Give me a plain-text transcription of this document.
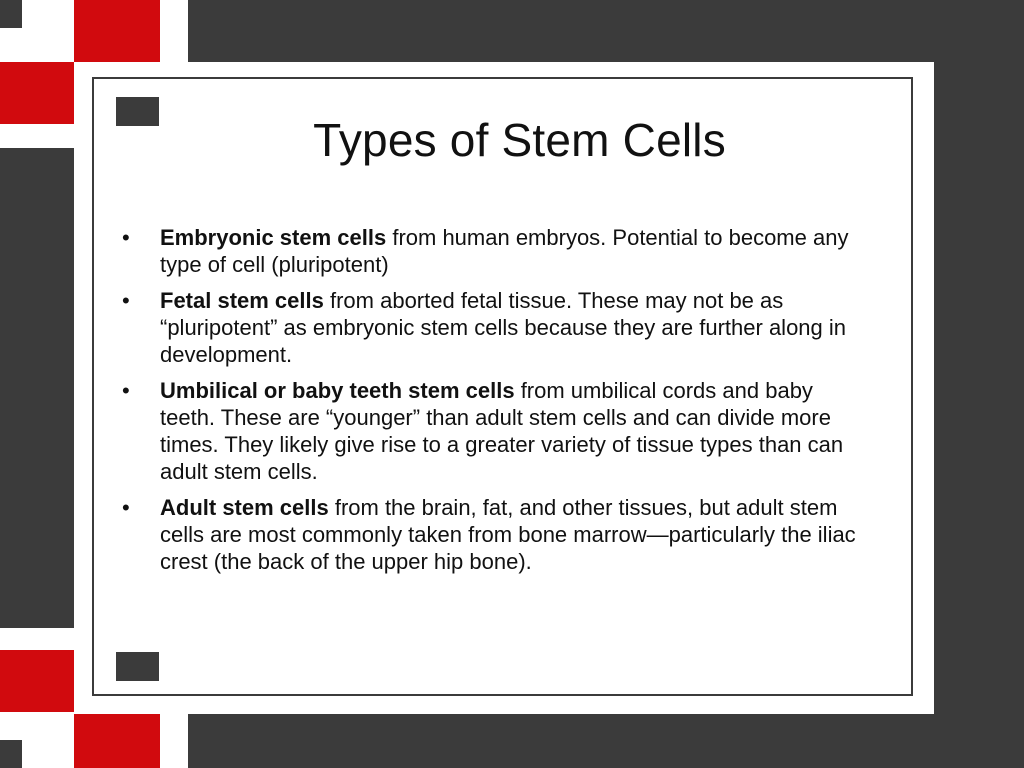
Types of Stem Cells
• Embryonic stem cells from human embryos. Potential to become any type of cell (pluripotent)
• Fetal stem cells from aborted fetal tissue. These may not be as “pluripotent” as embryonic stem cells because they are further along in development.
• Umbilical or baby teeth stem cells from umbilical cords and baby teeth. These are “younger” than adult stem cells and can divide more times. They likely give rise to a greater variety of tissue types than can adult stem cells.
• Adult stem cells from the brain, fat, and other tissues, but adult stem cells are most commonly taken from bone marrow—particularly the iliac crest (the back of the upper hip bone).
